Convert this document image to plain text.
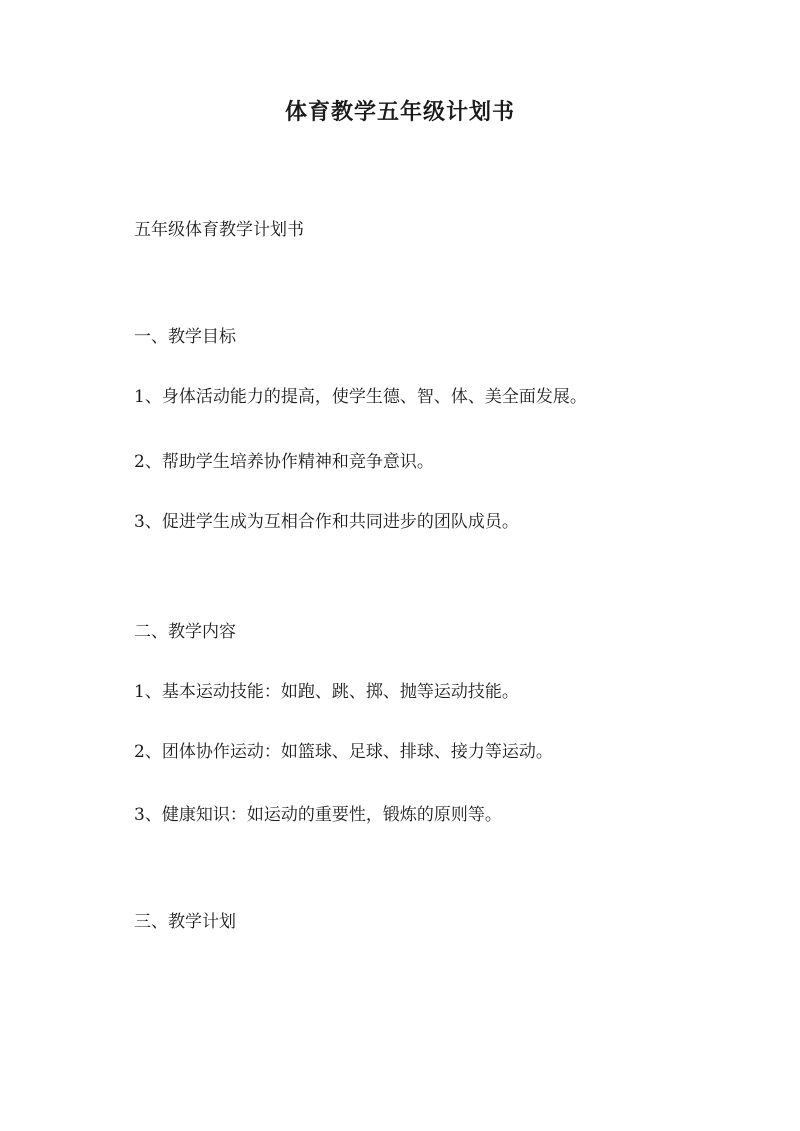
体育教学五年级计划书
五年级体育教学计划书
一、教学目标
1、身体活动能力的提高，使学生德、智、体、美全面发展。
2、帮助学生培养协作精神和竞争意识。
3、促进学生成为互相合作和共同进步的团队成员。
二、教学内容
1、基本运动技能：如跑、跳、掷、抛等运动技能。
2、团体协作运动：如篮球、足球、排球、接力等运动。
3、健康知识：如运动的重要性，锻炼的原则等。
三、教学计划
